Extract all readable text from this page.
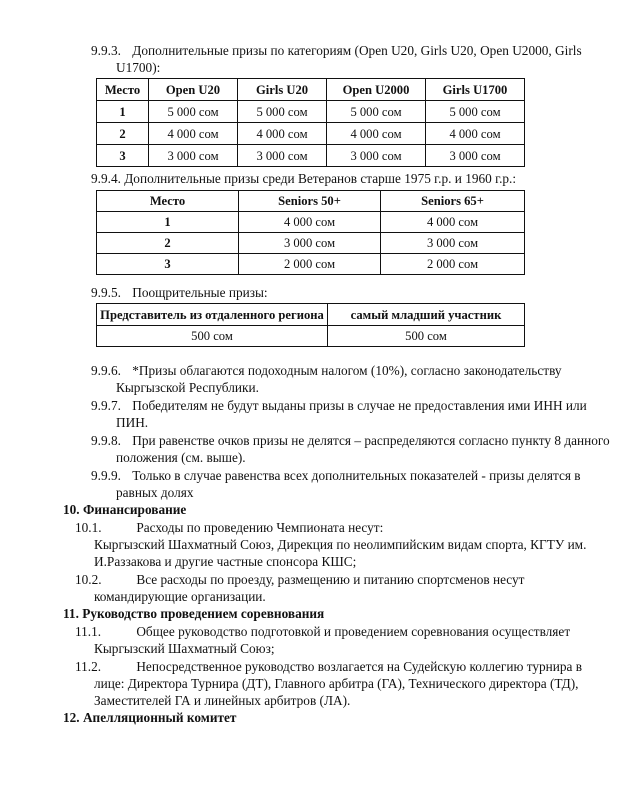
9.9.3. Дополнительные призы по категориям (Open U20, Girls U20, Open U2000, Girls
U1700):
Место	Open U20	Girls U20	Open U2000	Girls U1700
1	5 000 сом	5 000 сом	5 000 сом	5 000 сом
2	4 000 сом	4 000 сом	4 000 сом	4 000 сом
3	3 000 сом	3 000 сом	3 000 сом	3 000 сом
9.9.4. Дополнительные призы среди Ветеранов старше 1975 г.р. и 1960 г.р.:
Место	Seniors 50+	Seniors 65+
1	4 000 сом	4 000 сом
2	3 000 сом	3 000 сом
3	2 000 сом	2 000 сом
9.9.5. Поощрительные призы:
Представитель из отдаленного региона	самый младший участник
500 сом	500 сом
9.9.6. *Призы облагаются подоходным налогом (10%), согласно законодательству
Кыргызской Республики.
9.9.7. Победителям не будут выданы призы в случае не предоставления ими ИНН или
ПИН.
9.9.8. При равенстве очков призы не делятся – распределяются согласно пункту 8 данного
положения (см. выше).
9.9.9. Только в случае равенства всех дополнительных показателей - призы делятся в
равных долях
10. Финансирование
10.1.	Расходы по проведению Чемпионата несут:
Кыргызский Шахматный Союз, Дирекция по неолимпийским видам спорта, КГТУ им.
И.Раззакова и другие частные спонсора КШС;
10.2.	Все расходы по проезду, размещению и питанию спортсменов несут
командирующие организации.
11. Руководство проведением соревнования
11.1.	Общее руководство подготовкой и проведением соревнования осуществляет
Кыргызский Шахматный Союз;
11.2.	Непосредственное руководство возлагается на Судейскую коллегию турнира в
лице: Директора Турнира (ДТ), Главного арбитра (ГА), Технического директора (ТД),
Заместителей ГА и линейных арбитров (ЛА).
12. Апелляционный комитет
